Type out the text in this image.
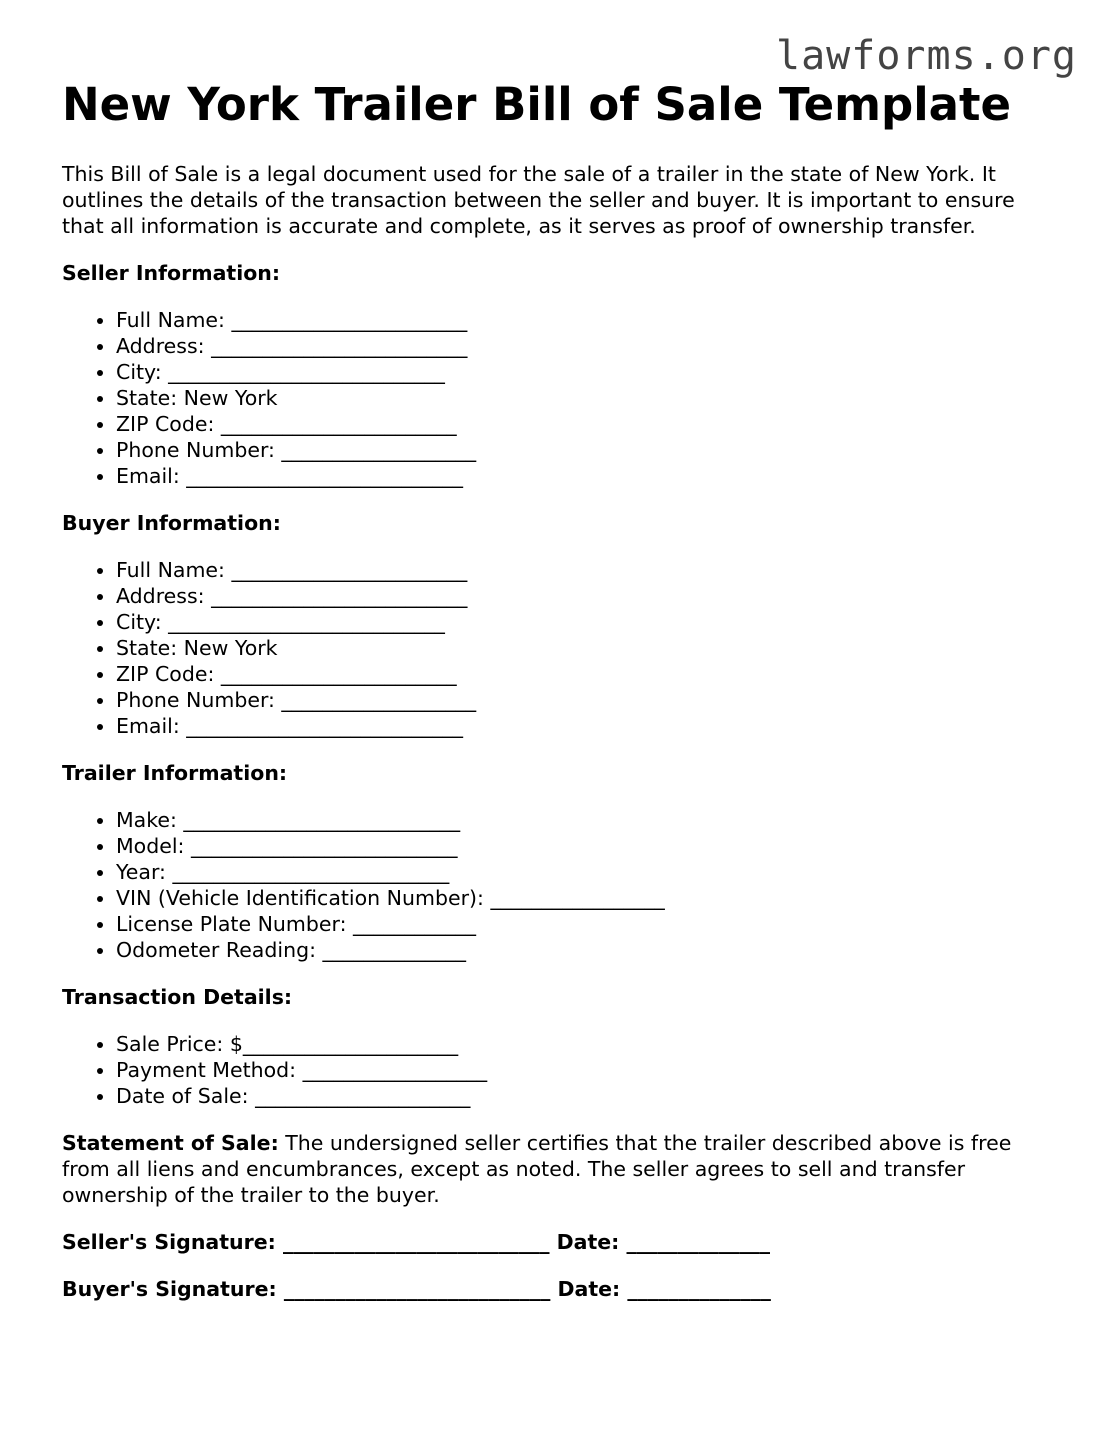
lawforms.org
New York Trailer Bill of Sale Template

This Bill of Sale is a legal document used for the sale of a trailer in the state of New York. It outlines the details of the transaction between the seller and buyer. It is important to ensure that all information is accurate and complete, as it serves as proof of ownership transfer.

Seller Information:

• Full Name: _______________________
• Address: _________________________
• City: ___________________________
• State: New York
• ZIP Code: _______________________
• Phone Number: ___________________
• Email: ___________________________

Buyer Information:

• Full Name: _______________________
• Address: _________________________
• City: ___________________________
• State: New York
• ZIP Code: _______________________
• Phone Number: ___________________
• Email: ___________________________

Trailer Information:

• Make: ___________________________
• Model: __________________________
• Year: ___________________________
• VIN (Vehicle Identification Number): _________________
• License Plate Number: ____________
• Odometer Reading: ______________

Transaction Details:

• Sale Price: $_____________________
• Payment Method: __________________
• Date of Sale: _____________________

Statement of Sale: The undersigned seller certifies that the trailer described above is free from all liens and encumbrances, except as noted. The seller agrees to sell and transfer ownership of the trailer to the buyer.

Seller's Signature: __________________________ Date: ______________

Buyer's Signature: __________________________ Date: ______________
